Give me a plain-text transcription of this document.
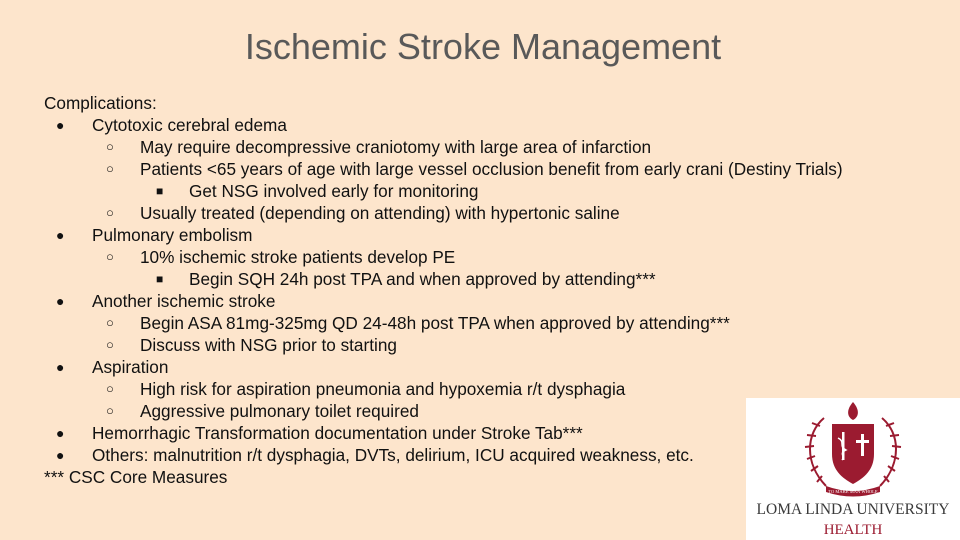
Ischemic Stroke Management
Complications:
● Cytotoxic cerebral edema
○ May require decompressive craniotomy with large area of infarction
○ Patients <65 years of age with large vessel occlusion benefit from early crani (Destiny Trials)
■ Get NSG involved early for monitoring
○ Usually treated (depending on attending) with hypertonic saline
● Pulmonary embolism
○ 10% ischemic stroke patients develop PE
■ Begin SQH 24h post TPA and when approved by attending***
● Another ischemic stroke
○ Begin ASA 81mg-325mg QD 24-48h post TPA when approved by attending***
○ Discuss with NSG prior to starting
● Aspiration
○ High risk for aspiration pneumonia and hypoxemia r/t dysphagia
○ Aggressive pulmonary toilet required
● Hemorrhagic Transformation documentation under Stroke Tab***
● Others: malnutrition r/t dysphagia, DVTs, delirium, ICU acquired weakness, etc.
*** CSC Core Measures
TO MAKE MAN WHOLE
LOMA LINDA UNIVERSITY
HEALTH
